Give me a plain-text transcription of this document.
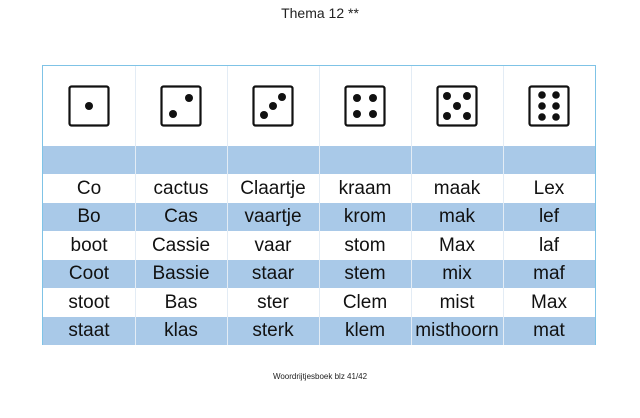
Thema 12 **
Co
Bo
boot
Coot
stoot
staat
cactus
Cas
Cassie
Bassie
Bas
klas
Claartje
vaartje
vaar
staar
ster
sterk
kraam
krom
stom
stem
Clem
klem
maak
mak
Max
mix
mist
misthoorn
Lex
lef
laf
maf
Max
mat
Woordrijtjesboek blz 41/42
